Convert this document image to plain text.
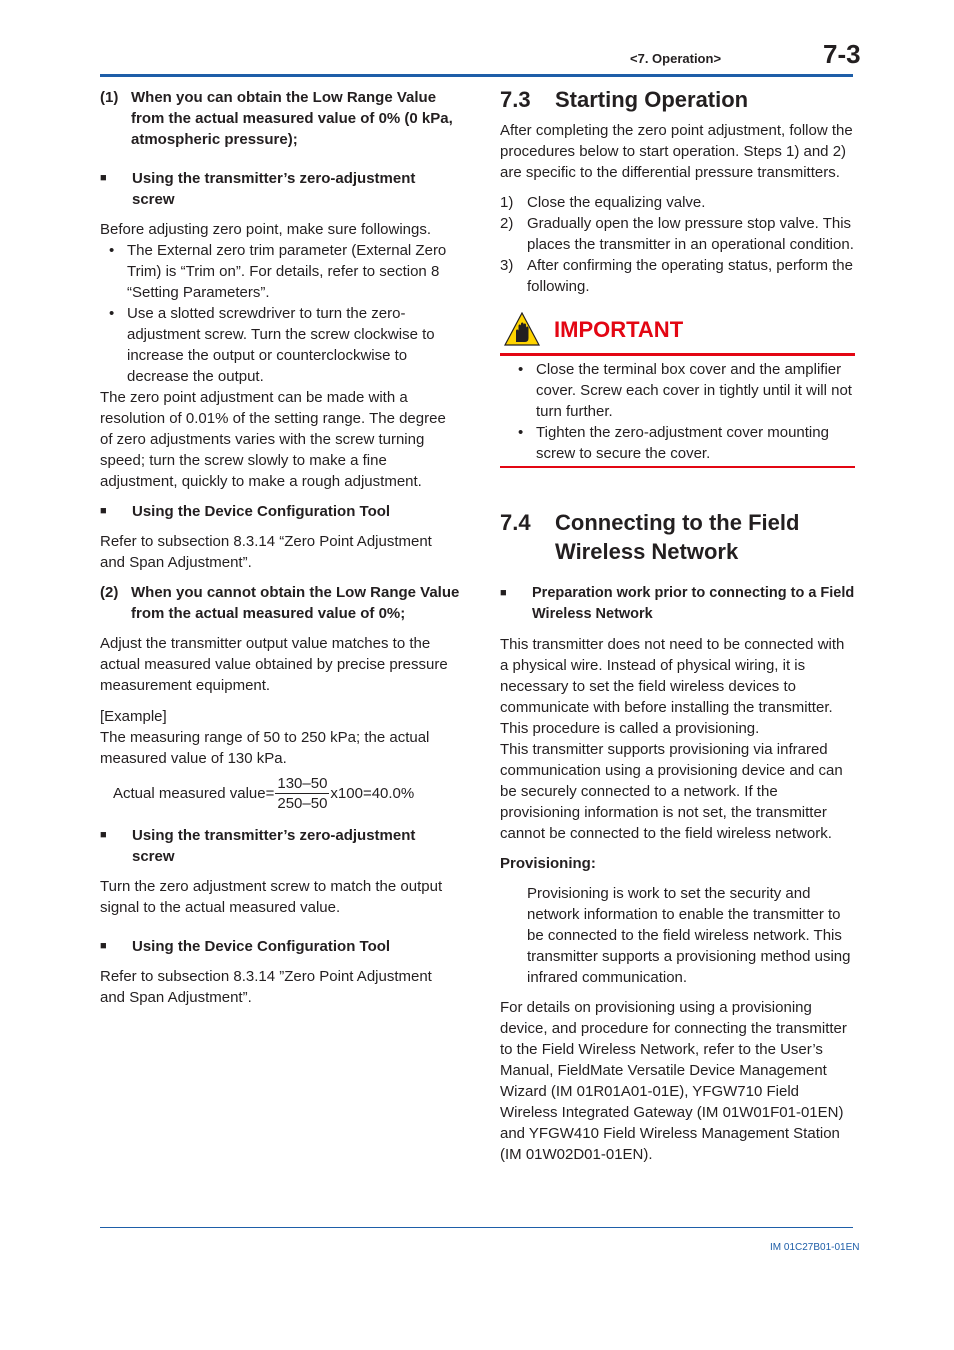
<7. Operation>	7-3
(1) When you can obtain the Low Range Value from the actual measured value of 0% (0 kPa, atmospheric pressure);
■	Using the transmitter’s zero-adjustment screw

Before adjusting zero point, make sure followings.

• The External zero trim parameter (External Zero Trim) is “Trim on”. For details, refer to section 8 “Setting Parameters”.
• Use a slotted screwdriver to turn the zero-adjustment screw. Turn the screw clockwise to increase the output or counterclockwise to decrease the output.

The zero point adjustment can be made with a resolution of 0.01% of the setting range. The degree of zero adjustments varies with the screw turning speed; turn the screw slowly to make a fine adjustment, quickly to make a rough adjustment.

■	Using the Device Configuration Tool

Refer to subsection 8.3.14 “Zero Point Adjustment and Span Adjustment”.

(2) When you cannot obtain the Low Range Value from the actual measured value of 0%;

Adjust the transmitter output value matches to the actual measured value obtained by precise pressure measurement equipment.

[Example]

The measuring range of 50 to 250 kPa; the actual measured value of 130 kPa.

Actual measured value= $\frac{130-50}{250-50} x100=40.0\%$
■	Using the transmitter’s zero-adjustment screw

Turn the zero adjustment screw to match the output signal to the actual measured value.

■	Using the Device Configuration Tool

Refer to subsection 8.3.14 ”Zero Point Adjustment and Span Adjustment”.

7.3	Starting Operation

After completing the zero point adjustment, follow the procedures below to start operation. Steps 1) and 2) are specific to the differential pressure transmitters.

1) Close the equalizing valve.
2) Gradually open the low pressure stop valve. This places the transmitter in an operational condition.
3) After confirming the operating status, perform the following.
IMPORTANT
• Close the terminal box cover and the amplifier cover. Screw each cover in tightly until it will not turn further.
• Tighten the zero-adjustment cover mounting screw to secure the cover.
7.4	Connecting to the Field Wireless Network
■	Preparation work prior to connecting to a Field Wireless Network

This transmitter does not need to be connected with a physical wire. Instead of physical wiring, it is necessary to set the field wireless devices to communicate with before installing the transmitter. This procedure is called a provisioning.

This transmitter supports provisioning via infrared communication using a provisioning device and can be securely connected to a network. If the provisioning information is not set, the transmitter cannot be connected to the field wireless network.

Provisioning:

Provisioning is work to set the security and network information to enable the transmitter to be connected to the field wireless network. This transmitter supports a provisioning method using infrared communication.

For details on provisioning using a provisioning device, and procedure for connecting the transmitter to the Field Wireless Network, refer to the User’s Manual, FieldMate Versatile Device Management Wizard (IM 01R01A01-01E), YFGW710 Field Wireless Integrated Gateway (IM 01W01F01-01EN) and YFGW410 Field Wireless Management Station (IM 01W02D01-01EN).

IM 01C27B01-01EN
